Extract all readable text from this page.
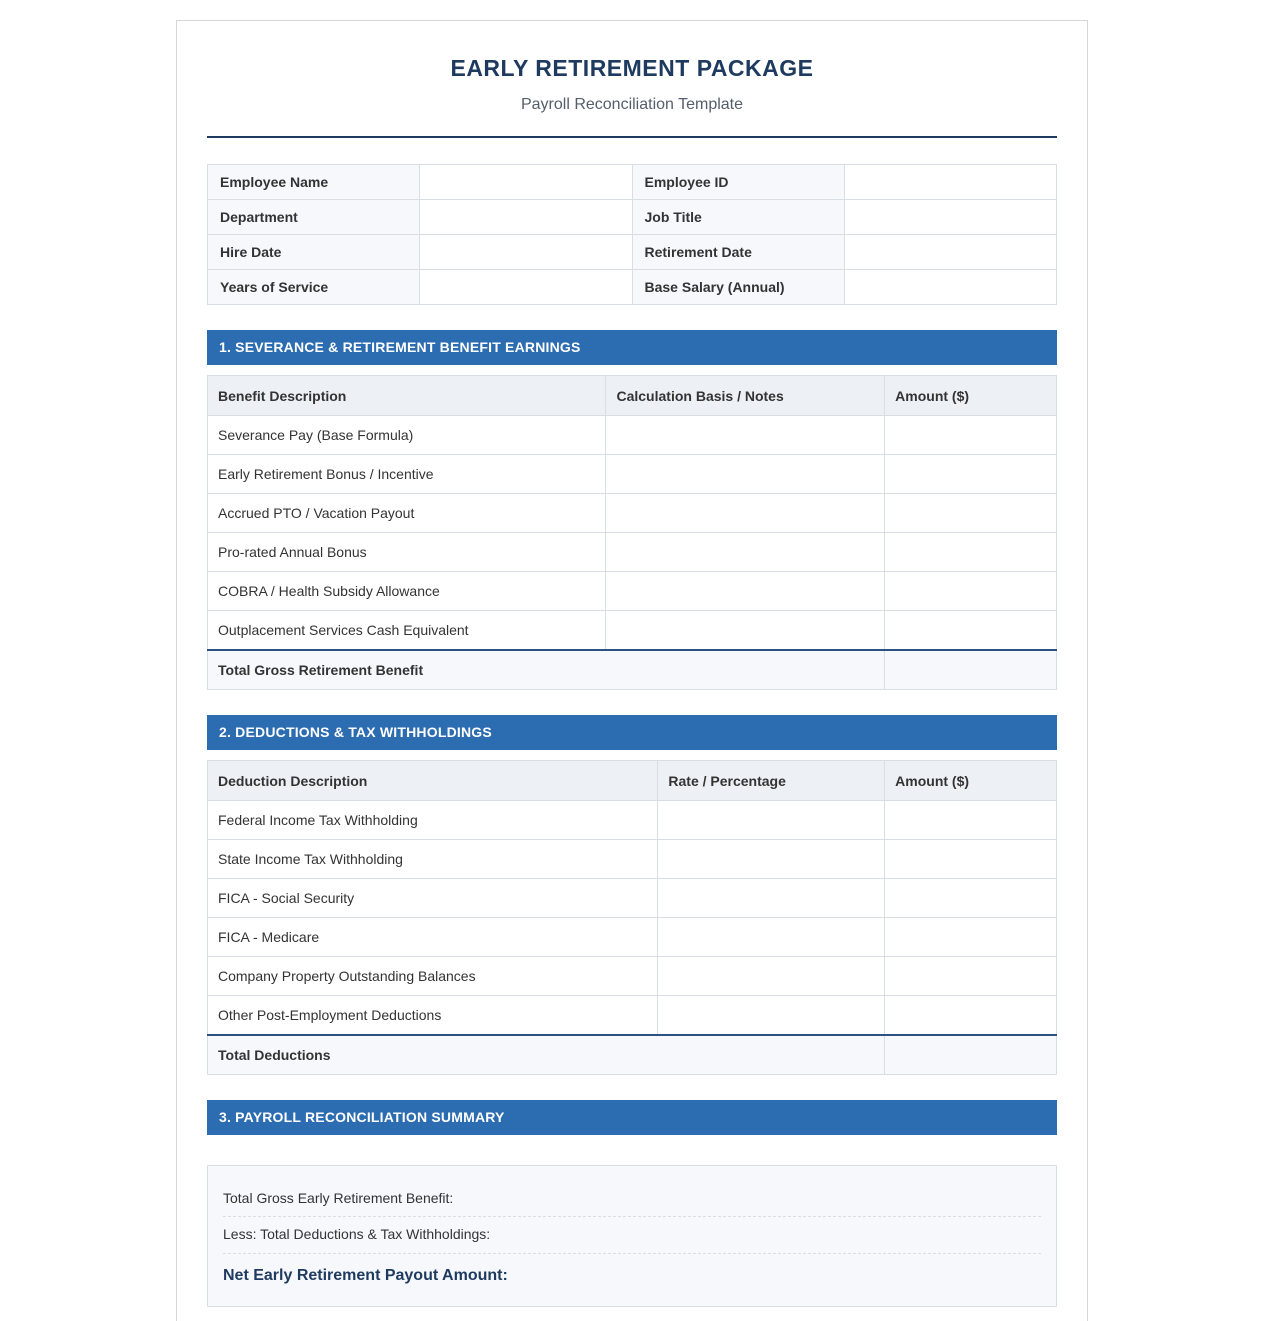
EARLY RETIREMENT PACKAGE
Payroll Reconciliation Template
Employee Name		Employee ID	
Department		Job Title	
Hire Date		Retirement Date	
Years of Service		Base Salary (Annual)	
1. SEVERANCE & RETIREMENT BENEFIT EARNINGS
Benefit Description	Calculation Basis / Notes	Amount ($)
Severance Pay (Base Formula)		
Early Retirement Bonus / Incentive		
Accrued PTO / Vacation Payout		
Pro-rated Annual Bonus		
COBRA / Health Subsidy Allowance		
Outplacement Services Cash Equivalent		
Total Gross Retirement Benefit		
2. DEDUCTIONS & TAX WITHHOLDINGS
Deduction Description	Rate / Percentage	Amount ($)
Federal Income Tax Withholding		
State Income Tax Withholding		
FICA - Social Security		
FICA - Medicare		
Company Property Outstanding Balances		
Other Post-Employment Deductions		
Total Deductions		
3. PAYROLL RECONCILIATION SUMMARY
Total Gross Early Retirement Benefit:
Less: Total Deductions & Tax Withholdings:
Net Early Retirement Payout Amount:
